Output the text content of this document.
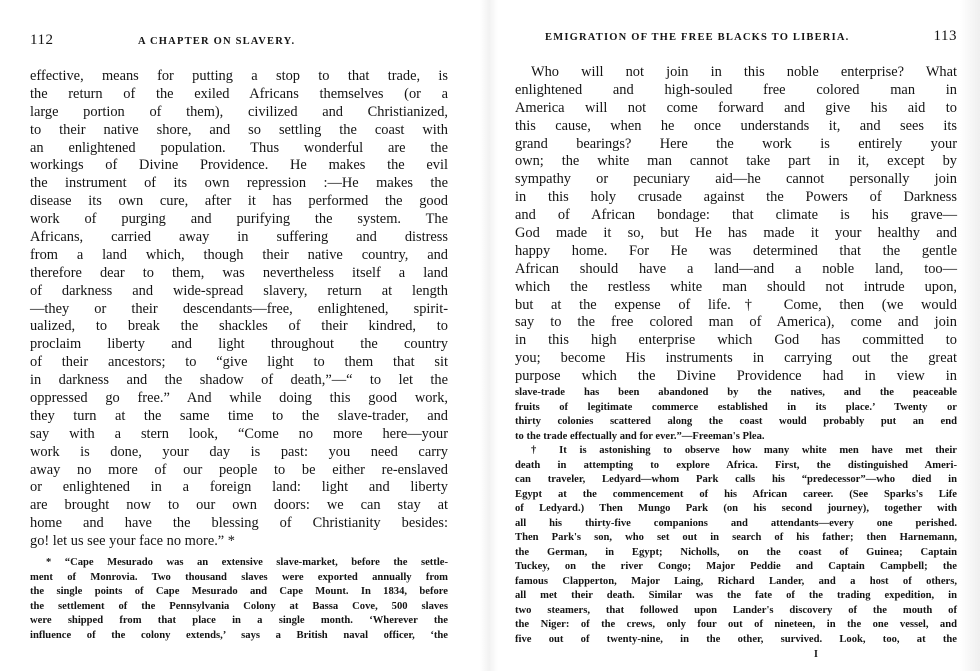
112	A CHAPTER ON SLAVERY.
effective, means for putting a stop to that trade, is
the return of the exiled Africans themselves (or a
large portion of them), civilized and Christianized,
to their native shore, and so settling the coast with
an enlightened population. Thus wonderful are the
workings of Divine Providence. He makes the evil
the instrument of its own repression :—He makes the
disease its own cure, after it has performed the good
work of purging and purifying the system. The
Africans, carried away in suffering and distress
from a land which, though their native country, and
therefore dear to them, was nevertheless itself a land
of darkness and wide-spread slavery, return at length
—they or their descendants—free, enlightened, spirit-
ualized, to break the shackles of their kindred, to
proclaim liberty and light throughout the country
of their ancestors; to “give light to them that sit
in darkness and the shadow of death,”—“ to let the
oppressed go free.” And while doing this good work,
they turn at the same time to the slave-trader, and
say with a stern look, “Come no more here—your
work is done, your day is past: you need carry
away no more of our people to be either re-enslaved
or enlightened in a foreign land: light and liberty
are brought now to our own doors: we can stay at
home and have the blessing of Christianity besides:
go! let us see your face no more.” *
* “Cape Mesurado was an extensive slave-market, before the settle-
ment of Monrovia. Two thousand slaves were exported annually from
the single points of Cape Mesurado and Cape Mount. In 1834, before
the settlement of the Pennsylvania Colony at Bassa Cove, 500 slaves
were shipped from that place in a single month. ‘Wherever the
influence of the colony extends,’ says a British naval officer, ‘the
EMIGRATION OF THE FREE BLACKS TO LIBERIA.	113
Who will not join in this noble enterprise? What
enlightened and high-souled free colored man in
America will not come forward and give his aid to
this cause, when he once understands it, and sees its
grand bearings? Here the work is entirely your
own; the white man cannot take part in it, except by
sympathy or pecuniary aid—he cannot personally join
in this holy crusade against the Powers of Darkness
and of African bondage: that climate is his grave—
God made it so, but He has made it your healthy and
happy home. For He was determined that the gentle
African should have a land—and a noble land, too—
which the restless white man should not intrude upon,
but at the expense of life.† Come, then (we would
say to the free colored man of America), come and join
in this high enterprise which God has committed to
you; become His instruments in carrying out the great
purpose which the Divine Providence had in view in
slave-trade has been abandoned by the natives, and the peaceable
fruits of legitimate commerce established in its place.’ Twenty or
thirty colonies scattered along the coast would probably put an end
to the trade effectually and for ever.”—Freeman's Plea.
† It is astonishing to observe how many white men have met their
death in attempting to explore Africa. First, the distinguished Ameri-
can traveler, Ledyard—whom Park calls his “predecessor”—who died in
Egypt at the commencement of his African career. (See Sparks's Life
of Ledyard.) Then Mungo Park (on his second journey), together with
all his thirty-five companions and attendants—every one perished.
Then Park's son, who set out in search of his father; then Harnemann,
the German, in Egypt; Nicholls, on the coast of Guinea; Captain
Tuckey, on the river Congo; Major Peddie and Captain Campbell; the
famous Clapperton, Major Laing, Richard Lander, and a host of others,
all met their death. Similar was the fate of the trading expedition, in
two steamers, that followed upon Lander's discovery of the mouth of
the Niger: of the crews, only four out of nineteen, in the one vessel, and
five out of twenty-nine, in the other, survived. Look, too, at the
I
